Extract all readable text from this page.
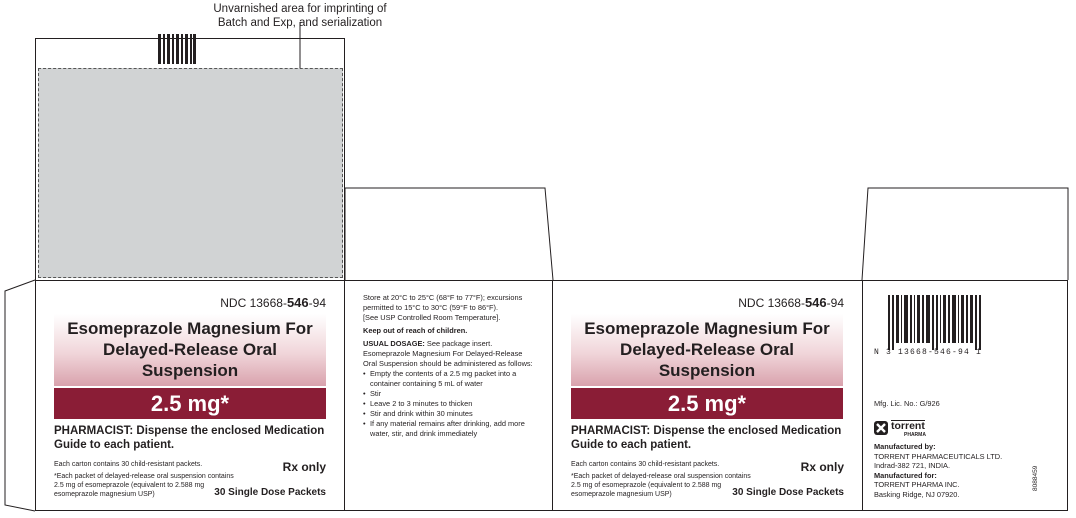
Unvarnished area for imprinting of
Batch and Exp, and serialization
NDC 13668-546-94
Esomeprazole Magnesium For
Delayed-Release Oral
Suspension
2.5 mg*
PHARMACIST: Dispense the enclosed Medication
Guide to each patient.
Each carton contains 30 child-resistant packets.
*Each packet of delayed-release oral suspension contains
2.5 mg of esomeprazole (equivalent to 2.588 mg
esomeprazole magnesium USP)
Rx only
30 Single Dose Packets

Store at 20°C to 25°C (68°F to 77°F); excursions
permitted to 15°C to 30°C (59°F to 86°F).
[See USP Controlled Room Temperature].

Keep out of reach of children.

USUAL DOSAGE: See package insert.

Esomeprazole Magnesium For Delayed-Release
Oral Suspension should be administered as follows:
• Empty the contents of a 2.5 mg packet into a container containing 5 mL of water
• Stir
• Leave 2 to 3 minutes to thicken
• Stir and drink within 30 minutes
• If any material remains after drinking, add more water, stir, and drink immediately
NDC 13668-546-94
Esomeprazole Magnesium For
Delayed-Release Oral
Suspension
2.5 mg*
PHARMACIST: Dispense the enclosed Medication
Guide to each patient.
Each carton contains 30 child-resistant packets.
*Each packet of delayed-release oral suspension contains
2.5 mg of esomeprazole (equivalent to 2.588 mg
esomeprazole magnesium USP)
Rx only
30 Single Dose Packets
N 3 13668-546-94 1
Mfg. Lic. No.: G/926
torrent
PHARMA
Manufactured by:
TORRENT PHARMACEUTICALS LTD.
Indrad-382 721, INDIA.
Manufactured for:
TORRENT PHARMA INC.
Basking Ridge, NJ 07920.
8088459
